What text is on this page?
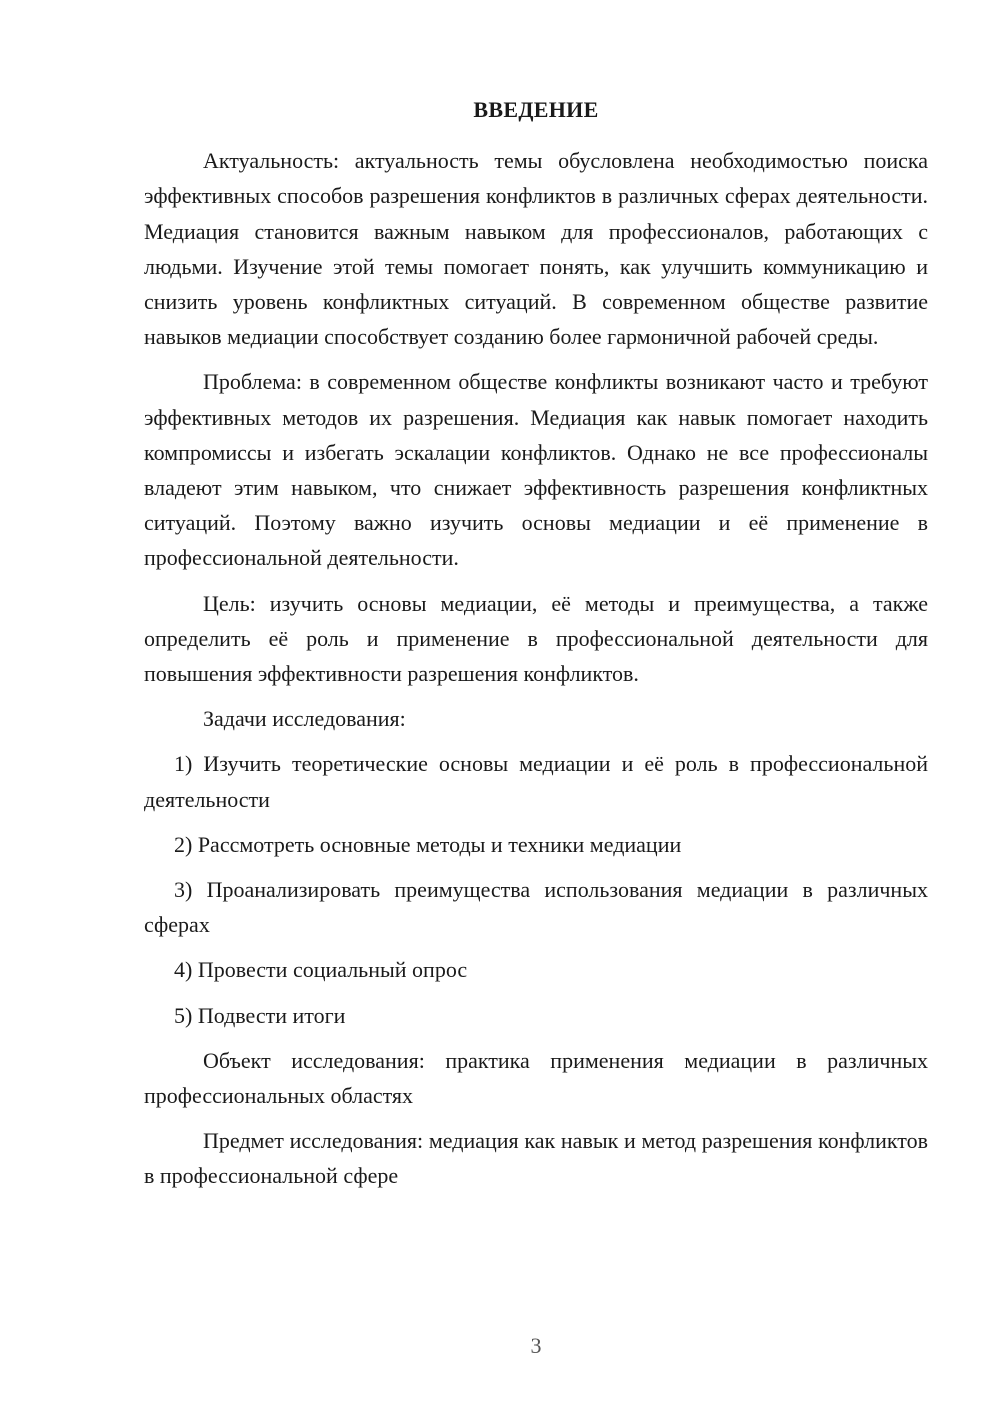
ВВЕДЕНИЕ

Актуальность: актуальность темы обусловлена необходимостью поиска эффективных способов разрешения конфликтов в различных сферах деятельности. Медиация становится важным навыком для профессионалов, работающих с людьми. Изучение этой темы помогает понять, как улучшить коммуникацию и снизить уровень конфликтных ситуаций. В современном обществе развитие навыков медиации способствует созданию более гармоничной рабочей среды.

Проблема: в современном обществе конфликты возникают часто и требуют эффективных методов их разрешения. Медиация как навык помогает находить компромиссы и избегать эскалации конфликтов. Однако не все профессионалы владеют этим навыком, что снижает эффективность разрешения конфликтных ситуаций. Поэтому важно изучить основы медиации и её применение в профессиональной деятельности.

Цель: изучить основы медиации, её методы и преимущества, а также определить её роль и применение в профессиональной деятельности для повышения эффективности разрешения конфликтов.

Задачи исследования:

1) Изучить теоретические основы медиации и её роль в профессиональной деятельности

2) Рассмотреть основные методы и техники медиации

3) Проанализировать преимущества использования медиации в различных сферах

4) Провести социальный опрос

5) Подвести итоги

Объект исследования: практика применения медиации в различных профессиональных областях

Предмет исследования: медиация как навык и метод разрешения конфликтов в профессиональной сфере

3
